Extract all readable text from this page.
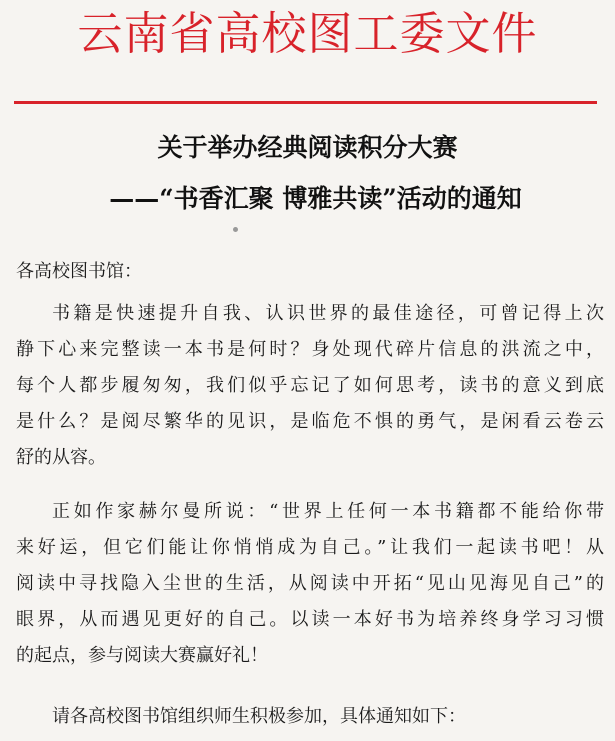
云南省高校图工委文件
关于举办经典阅读积分大赛
——“书香汇聚 博雅共读”活动的通知
各高校图书馆：
书籍是快速提升自我、认识世界的最佳途径，可曾记得上次
静下心来完整读一本书是何时？身处现代碎片信息的洪流之中，
每个人都步履匆匆，我们似乎忘记了如何思考，读书的意义到底
是什么？是阅尽繁华的见识，是临危不惧的勇气，是闲看云卷云
舒的从容。
正如作家赫尔曼所说：“世界上任何一本书籍都不能给你带
来好运，但它们能让你悄悄成为自己。”让我们一起读书吧！从
阅读中寻找隐入尘世的生活，从阅读中开拓“见山见海见自己”的
眼界，从而遇见更好的自己。以读一本好书为培养终身学习习惯
的起点，参与阅读大赛赢好礼！
请各高校图书馆组织师生积极参加，具体通知如下：
